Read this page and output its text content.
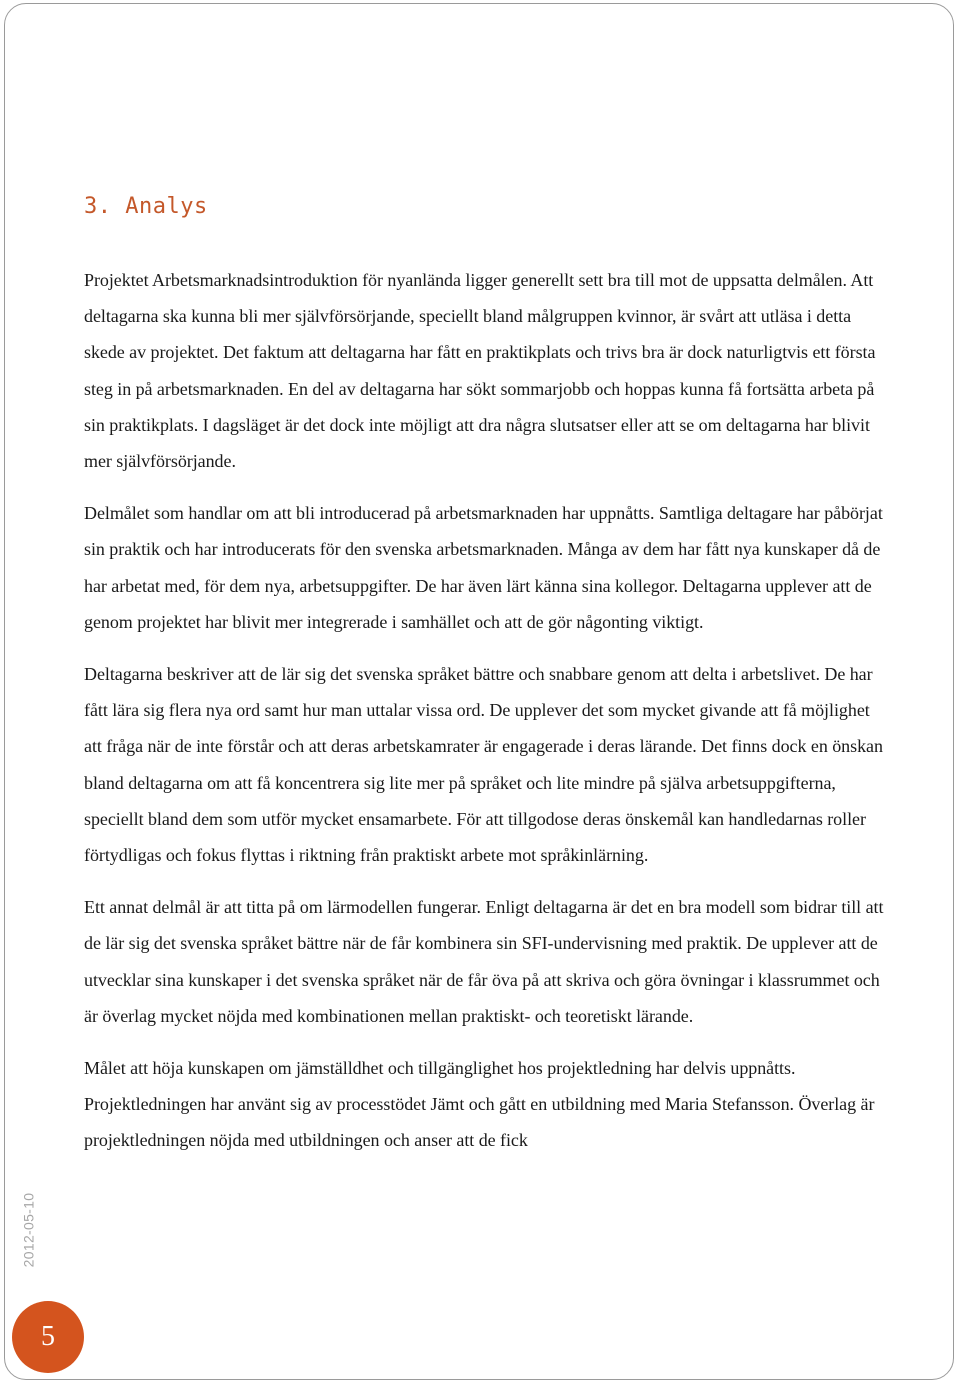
3. Analys

Projektet Arbetsmarknadsintroduktion för nyanlända ligger generellt sett bra till mot de uppsatta delmålen. Att deltagarna ska kunna bli mer självförsörjande, speciellt bland målgruppen kvinnor, är svårt att utläsa i detta skede av projektet. Det faktum att deltagarna har fått en praktikplats och trivs bra är dock naturligtvis ett första steg in på arbetsmarknaden. En del av deltagarna har sökt sommarjobb och hoppas kunna få fortsätta arbeta på sin praktikplats. I dagsläget är det dock inte möjligt att dra några slutsatser eller att se om deltagarna har blivit mer självförsörjande.

Delmålet som handlar om att bli introducerad på arbetsmarknaden har uppnåtts. Samtliga deltagare har påbörjat sin praktik och har introducerats för den svenska arbetsmarknaden. Många av dem har fått nya kunskaper då de har arbetat med, för dem nya, arbetsuppgifter. De har även lärt känna sina kollegor. Deltagarna upplever att de genom projektet har blivit mer integrerade i samhället och att de gör någonting viktigt.

Deltagarna beskriver att de lär sig det svenska språket bättre och snabbare genom att delta i arbetslivet. De har fått lära sig flera nya ord samt hur man uttalar vissa ord. De upplever det som mycket givande att få möjlighet att fråga när de inte förstår och att deras arbetskamrater är engagerade i deras lärande. Det finns dock en önskan bland deltagarna om att få koncentrera sig lite mer på språket och lite mindre på själva arbetsuppgifterna, speciellt bland dem som utför mycket ensamarbete. För att tillgodose deras önskemål kan handledarnas roller förtydligas och fokus flyttas i riktning från praktiskt arbete mot språkinlärning.

Ett annat delmål är att titta på om lärmodellen fungerar. Enligt deltagarna är det en bra modell som bidrar till att de lär sig det svenska språket bättre när de får kombinera sin SFI-undervisning med praktik. De upplever att de utvecklar sina kunskaper i det svenska språket när de får öva på att skriva och göra övningar i klassrummet och är överlag mycket nöjda med kombinationen mellan praktiskt- och teoretiskt lärande.

Målet att höja kunskapen om jämställdhet och tillgänglighet hos projektledning har delvis uppnåtts. Projektledningen har använt sig av processtödet Jämt och gått en utbildning med Maria Stefansson. Överlag är projektledningen nöjda med utbildningen och anser att de fick

2012-05-10
5
